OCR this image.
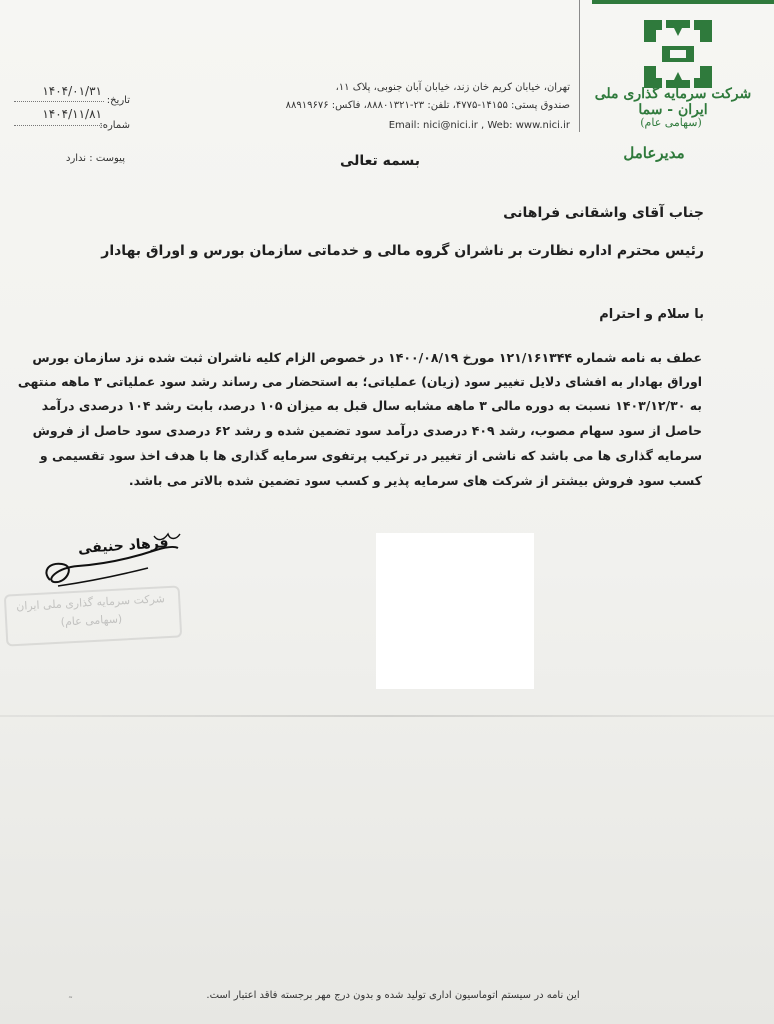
شرکت سرمایه گذاری ملی ایران - سما
(سهامی عام)
مدیرعامل
تهران، خیابان کریم خان زند، خیابان آبان جنوبی، پلاک ۱۱،
صندوق پستی: ۱۴۱۵۵-۴۷۷۵، تلفن: ۲۳-۸۸۸۰۱۳۲۱، فاکس: ۸۸۹۱۹۶۷۶
Email: nici@nici.ir , Web: www.nici.ir
تاریخ:
۱۴۰۴/۰۱/۳۱
شماره:
۱۴۰۴/۱۱/۸۱
پیوست : ندارد	بسمه تعالی
جناب آقای واشقانی فراهانی
رئیس محترم اداره نظارت بر ناشران گروه مالی و خدماتی سازمان بورس و اوراق بهادار
با سلام و احترام
عطف به نامه شماره ۱۲۱/۱۶۱۳۴۴ مورخ ۱۴۰۰/۰۸/۱۹ در خصوص الزام کلیه ناشران ثبت شده نزد سازمان بورس
اوراق بهادار به افشای دلایل تغییر سود (زیان) عملیاتی؛ به استحضار می رساند رشد سود عملیاتی ۳ ماهه منتهی
به ۱۴۰۳/۱۲/۳۰ نسبت به دوره مالی ۳ ماهه مشابه سال قبل به میزان ۱۰۵ درصد، بابت رشد ۱۰۴ درصدی درآمد
حاصل از سود سهام مصوب، رشد ۴۰۹ درصدی درآمد سود تضمین شده و رشد ۶۲ درصدی سود حاصل از فروش
سرمایه گذاری ها می باشد که ناشی از تغییر در ترکیب پرتفوی سرمایه گذاری ها با هدف اخذ سود تقسیمی و
کسب سود فروش بیشتر از شرکت های سرمایه پذیر و کسب سود تضمین شده بالاتر می باشد.
فرهاد حنیفی
شرکت سرمایه گذاری ملی ایران
(سهامی عام)
این نامه در سیستم اتوماسیون اداری تولید شده و بدون درج مهر برجسته فاقد اعتبار است.
˜
